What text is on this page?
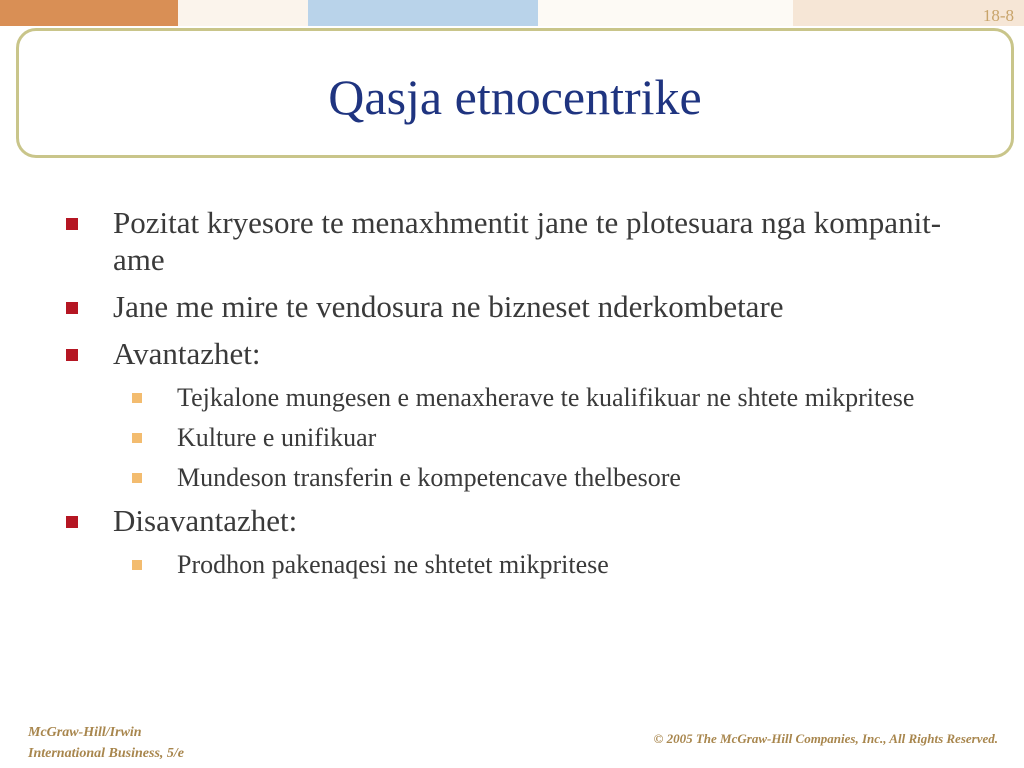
18-8
Qasja etnocentrike
Pozitat kryesore te menaxhmentit jane te plotesuara nga kompanit-ame
Jane me mire te vendosura ne bizneset nderkombetare
Avantazhet:
Tejkalone mungesen e menaxherave te kualifikuar ne shtete mikpritese
Kulture e unifikuar
Mundeson transferin e kompetencave thelbesore
Disavantazhet:
Prodhon pakenaqesi ne shtetet mikpritese
McGraw-Hill/Irwin
International Business, 5/e
© 2005 The McGraw-Hill Companies, Inc., All Rights Reserved.
